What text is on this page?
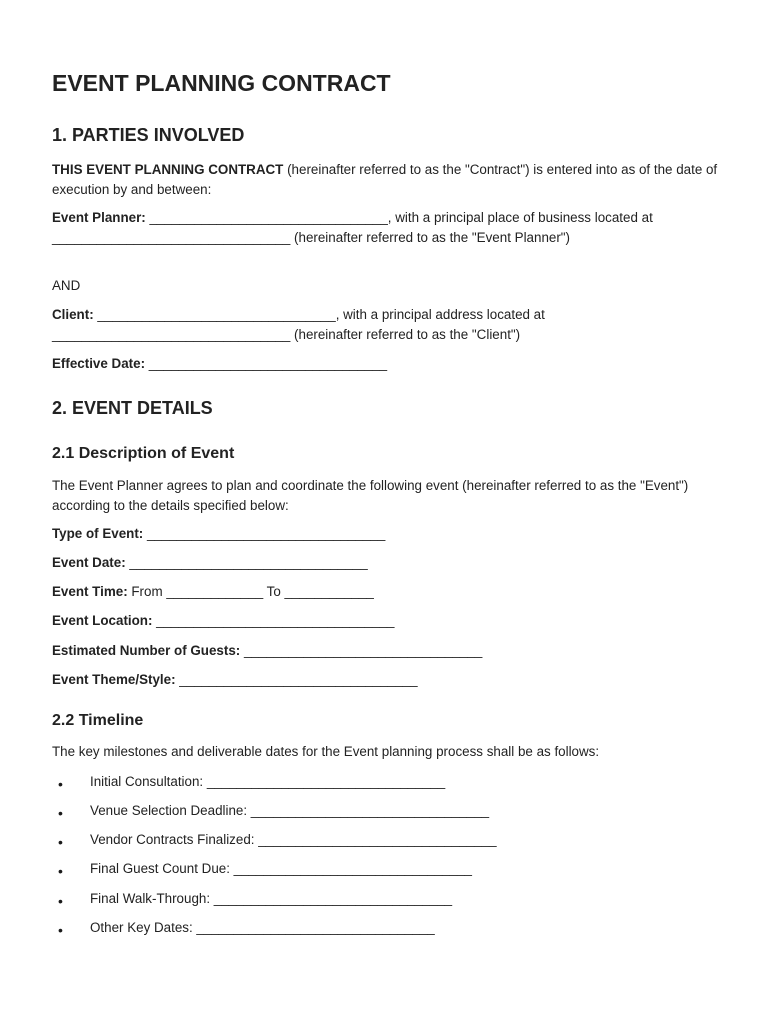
EVENT PLANNING CONTRACT
1. PARTIES INVOLVED

THIS EVENT PLANNING CONTRACT (hereinafter referred to as the "Contract") is entered into as of the date of execution by and between:

Event Planner: ________________________________, with a principal place of business located at ________________________________ (hereinafter referred to as the "Event Planner")

AND

Client: ________________________________, with a principal address located at ________________________________ (hereinafter referred to as the "Client")

Effective Date: ________________________________
2. EVENT DETAILS
2.1 Description of Event

The Event Planner agrees to plan and coordinate the following event (hereinafter referred to as the "Event") according to the details specified below:

Type of Event: ________________________________
Event Date: ________________________________
Event Time: From _____________ To ____________
Event Location: ________________________________
Estimated Number of Guests: ________________________________
Event Theme/Style: ________________________________
2.2 Timeline
The key milestones and deliverable dates for the Event planning process shall be as follows:
• Initial Consultation: ________________________________
• Venue Selection Deadline: ________________________________
• Vendor Contracts Finalized: ________________________________
• Final Guest Count Due: ________________________________
• Final Walk-Through: ________________________________
• Other Key Dates: ________________________________
